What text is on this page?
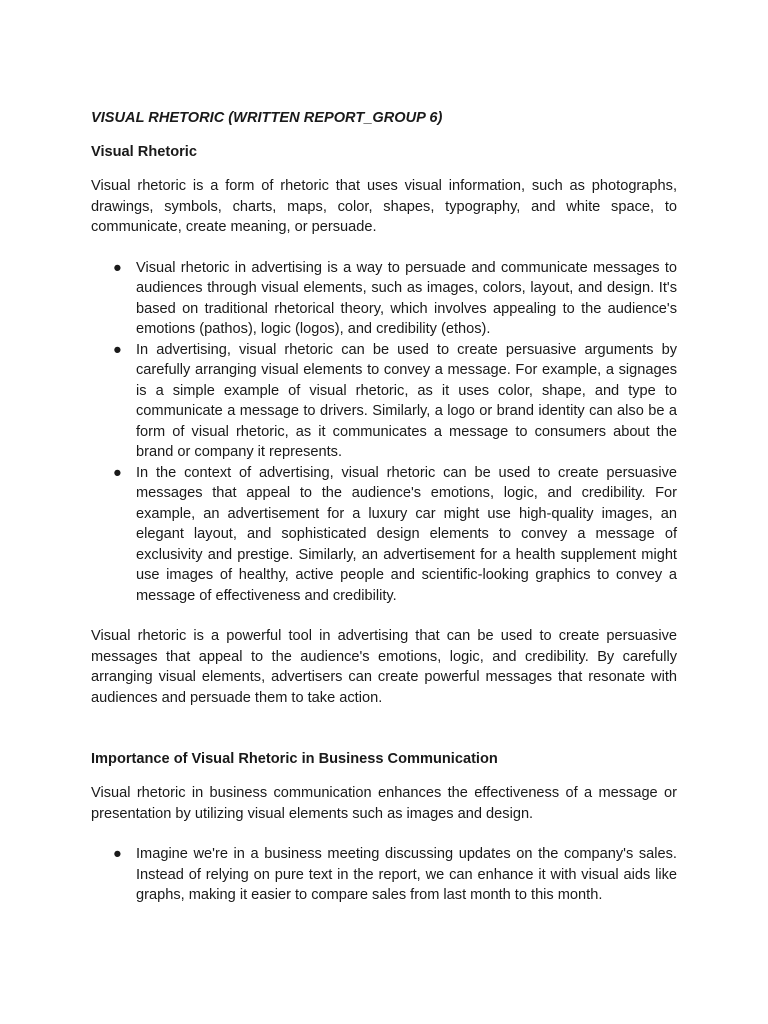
VISUAL RHETORIC (WRITTEN REPORT_GROUP 6)
Visual Rhetoric

Visual rhetoric is a form of rhetoric that uses visual information, such as photographs, drawings, symbols, charts, maps, color, shapes, typography, and white space, to communicate, create meaning, or persuade.

● Visual rhetoric in advertising is a way to persuade and communicate messages to audiences through visual elements, such as images, colors, layout, and design. It's based on traditional rhetorical theory, which involves appealing to the audience's emotions (pathos), logic (logos), and credibility (ethos).
● In advertising, visual rhetoric can be used to create persuasive arguments by carefully arranging visual elements to convey a message. For example, a signages is a simple example of visual rhetoric, as it uses color, shape, and type to communicate a message to drivers. Similarly, a logo or brand identity can also be a form of visual rhetoric, as it communicates a message to consumers about the brand or company it represents.
● In the context of advertising, visual rhetoric can be used to create persuasive messages that appeal to the audience's emotions, logic, and credibility. For example, an advertisement for a luxury car might use high-quality images, an elegant layout, and sophisticated design elements to convey a message of exclusivity and prestige. Similarly, an advertisement for a health supplement might use images of healthy, active people and scientific-looking graphics to convey a message of effectiveness and credibility.

Visual rhetoric is a powerful tool in advertising that can be used to create persuasive messages that appeal to the audience's emotions, logic, and credibility. By carefully arranging visual elements, advertisers can create powerful messages that resonate with audiences and persuade them to take action.

Importance of Visual Rhetoric in Business Communication

Visual rhetoric in business communication enhances the effectiveness of a message or presentation by utilizing visual elements such as images and design.

● Imagine we're in a business meeting discussing updates on the company's sales. Instead of relying on pure text in the report, we can enhance it with visual aids like graphs, making it easier to compare sales from last month to this month.
